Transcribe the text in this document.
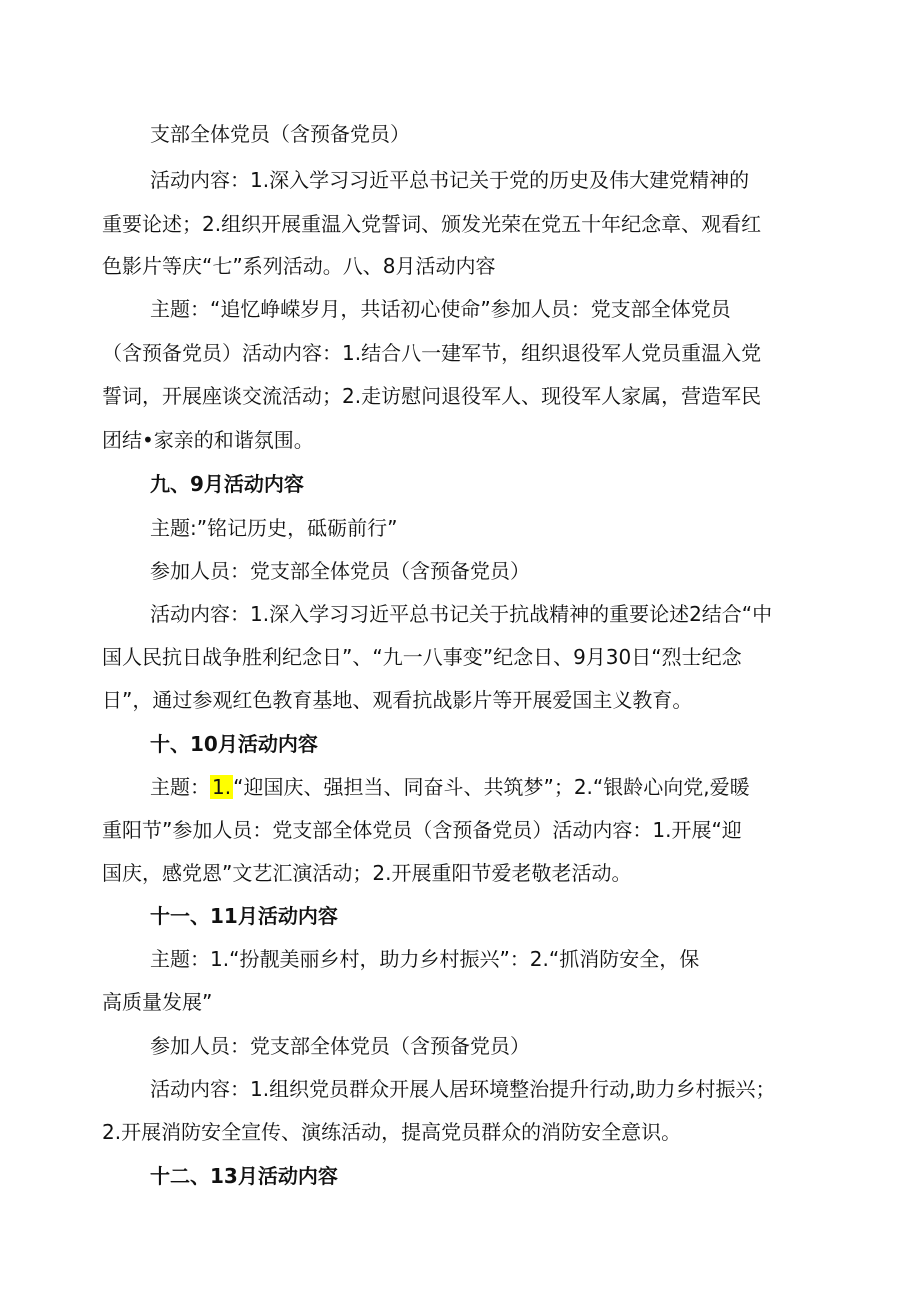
支部全体党员（含预备党员）
活动内容：1.深入学习习近平总书记关于党的历史及伟大建党精神的
重要论述；2.组织开展重温入党誓词、颁发光荣在党五十年纪念章、观看红
色影片等庆“七”系列活动。八、8月活动内容
主题：“追忆峥嵘岁月，共话初心使命”参加人员：党支部全体党员
（含预备党员）活动内容：1.结合八一建军节，组织退役军人党员重温入党
誓词，开展座谈交流活动；2.走访慰问退役军人、现役军人家属，营造军民
团结•家亲的和谐氛围。
九、9月活动内容
主题:”铭记历史，砥砺前行”
参加人员：党支部全体党员（含预备党员）
活动内容：1.深入学习习近平总书记关于抗战精神的重要论述2结合“中
国人民抗日战争胜利纪念日”、“九一八事变”纪念日、9月30日“烈士纪念
日”，通过参观红色教育基地、观看抗战影片等开展爱国主义教育。
十、10月活动内容
主题： 1. “迎国庆、强担当、同奋斗、共筑梦”；2.“银龄心向党,爱暖
重阳节”参加人员：党支部全体党员（含预备党员）活动内容：1.开展“迎
国庆，感党恩”文艺汇演活动；2.开展重阳节爱老敬老活动。
十一、11月活动内容
主题：1.“扮靓美丽乡村，助力乡村振兴”：2.“抓消防安全，保
高质量发展”
参加人员：党支部全体党员（含预备党员）
活动内容：1.组织党员群众开展人居环境整治提升行动,助力乡村振兴；
2.开展消防安全宣传、演练活动，提高党员群众的消防安全意识。
十二、13月活动内容
